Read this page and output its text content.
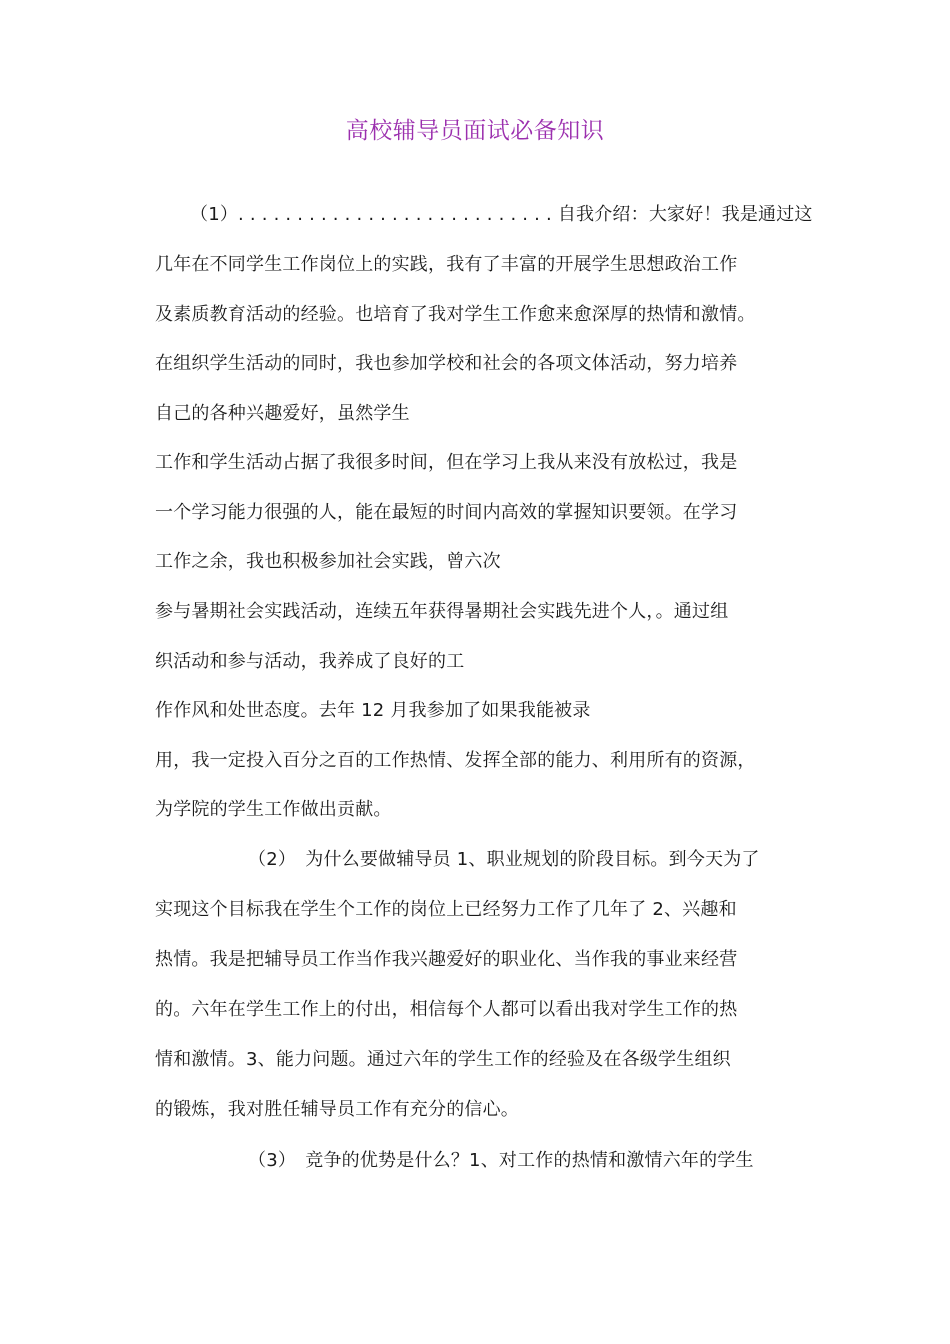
高校辅导员面试必备知识
（1）. . . . . . . . . . . . . . . . . . . . . . . . . . . 自我介绍：大家好！我是通过这
几年在不同学生工作岗位上的实践，我有了丰富的开展学生思想政治工作
及素质教育活动的经验。也培育了我对学生工作愈来愈深厚的热情和激情。
在组织学生活动的同时，我也参加学校和社会的各项文体活动，努力培养
自己的各种兴趣爱好，虽然学生
工作和学生活动占据了我很多时间，但在学习上我从来没有放松过，我是
一个学习能力很强的人，能在最短的时间内高效的掌握知识要领。在学习
工作之余，我也积极参加社会实践，曾六次
参与暑期社会实践活动，连续五年获得暑期社会实践先进个人，。通过组
织活动和参与活动，我养成了良好的工
作作风和处世态度。去年 12 月我参加了如果我能被录
用，我一定投入百分之百的工作热情、发挥全部的能力、利用所有的资源，
为学院的学生工作做出贡献。
（2）　为什么要做辅导员 1、职业规划的阶段目标。到今天为了
实现这个目标我在学生个工作的岗位上已经努力工作了几年了 2、兴趣和
热情。我是把辅导员工作当作我兴趣爱好的职业化、当作我的事业来经营
的。六年在学生工作上的付出，相信每个人都可以看出我对学生工作的热
情和激情。3、能力问题。通过六年的学生工作的经验及在各级学生组织
的锻炼，我对胜任辅导员工作有充分的信心。
（3）　竞争的优势是什么？1、对工作的热情和激情六年的学生
